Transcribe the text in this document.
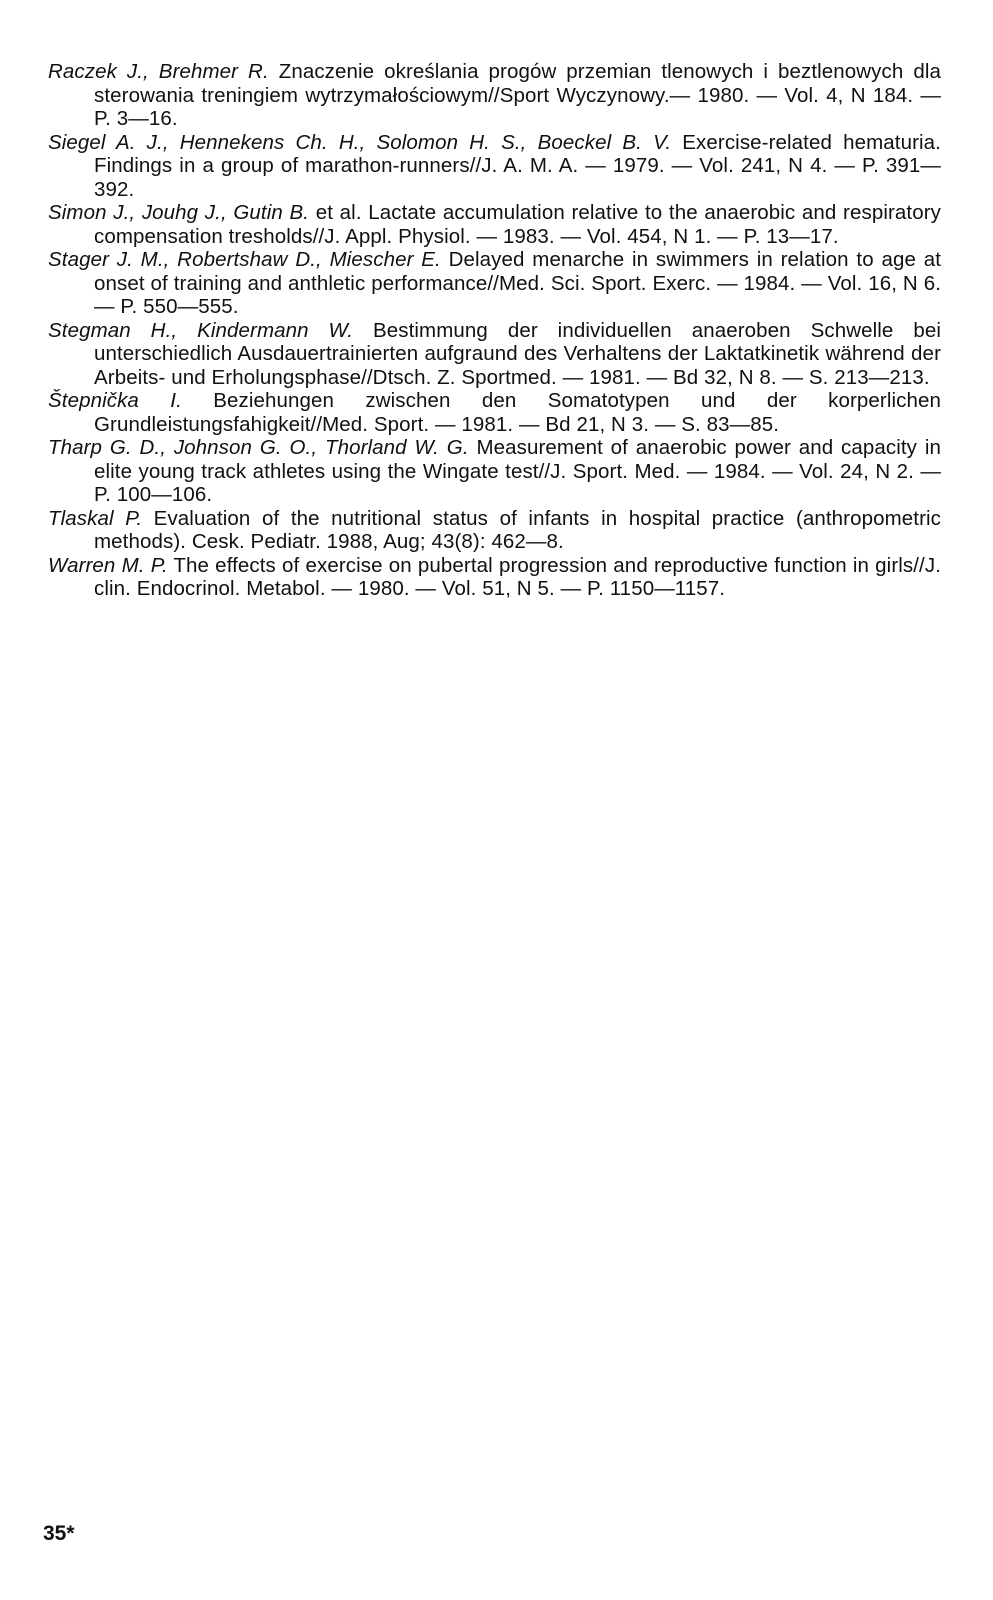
Raczek J., Brehmer R. Znaczenie określania progów przemian tlenowych i beztlenowych dla sterowania treningiem wytrzymałościowym//Sport Wyczynowy.— 1980. — Vol. 4, N 184. — P. 3—16.

Siegel A. J., Hennekens Ch. H., Solomon H. S., Boeckel B. V. Exercise-related hematuria. Findings in a group of marathon-runners//J. A. M. A. — 1979. — Vol. 241, N 4. — P. 391—392.

Simon J., Jouhg J., Gutin B. et al. Lactate accumulation relative to the anaerobic and respiratory compensation tresholds//J. Appl. Physiol. — 1983. — Vol. 454, N 1. — P. 13—17.

Stager J. M., Robertshaw D., Miescher E. Delayed menarche in swimmers in relation to age at onset of training and anthletic performance//Med. Sci. Sport. Exerc. — 1984. — Vol. 16, N 6. — P. 550—555.

Stegman H., Kindermann W. Bestimmung der individuellen anaeroben Schwelle bei unterschiedlich Ausdauertrainierten aufgraund des Verhaltens der Laktatkinetik während der Arbeits- und Erholungsphase//Dtsch. Z. Sportmed. — 1981. — Bd 32, N 8. — S. 213—213.

Štepnička I. Beziehungen zwischen den Somatotypen und der korperlichen Grundleistungsfahigkeit//Med. Sport. — 1981. — Bd 21, N 3. — S. 83—85.

Tharp G. D., Johnson G. O., Thorland W. G. Measurement of anaerobic power and capacity in elite young track athletes using the Wingate test//J. Sport. Med. — 1984. — Vol. 24, N 2. — P. 100—106.

Tlaskal P. Evaluation of the nutritional status of infants in hospital practice (anthropometric methods). Cesk. Pediatr. 1988, Aug; 43(8): 462—8.

Warren M. P. The effects of exercise on pubertal progression and reproductive function in girls//J. clin. Endocrinol. Metabol. — 1980. — Vol. 51, N 5. — P. 1150—1157.

35*
